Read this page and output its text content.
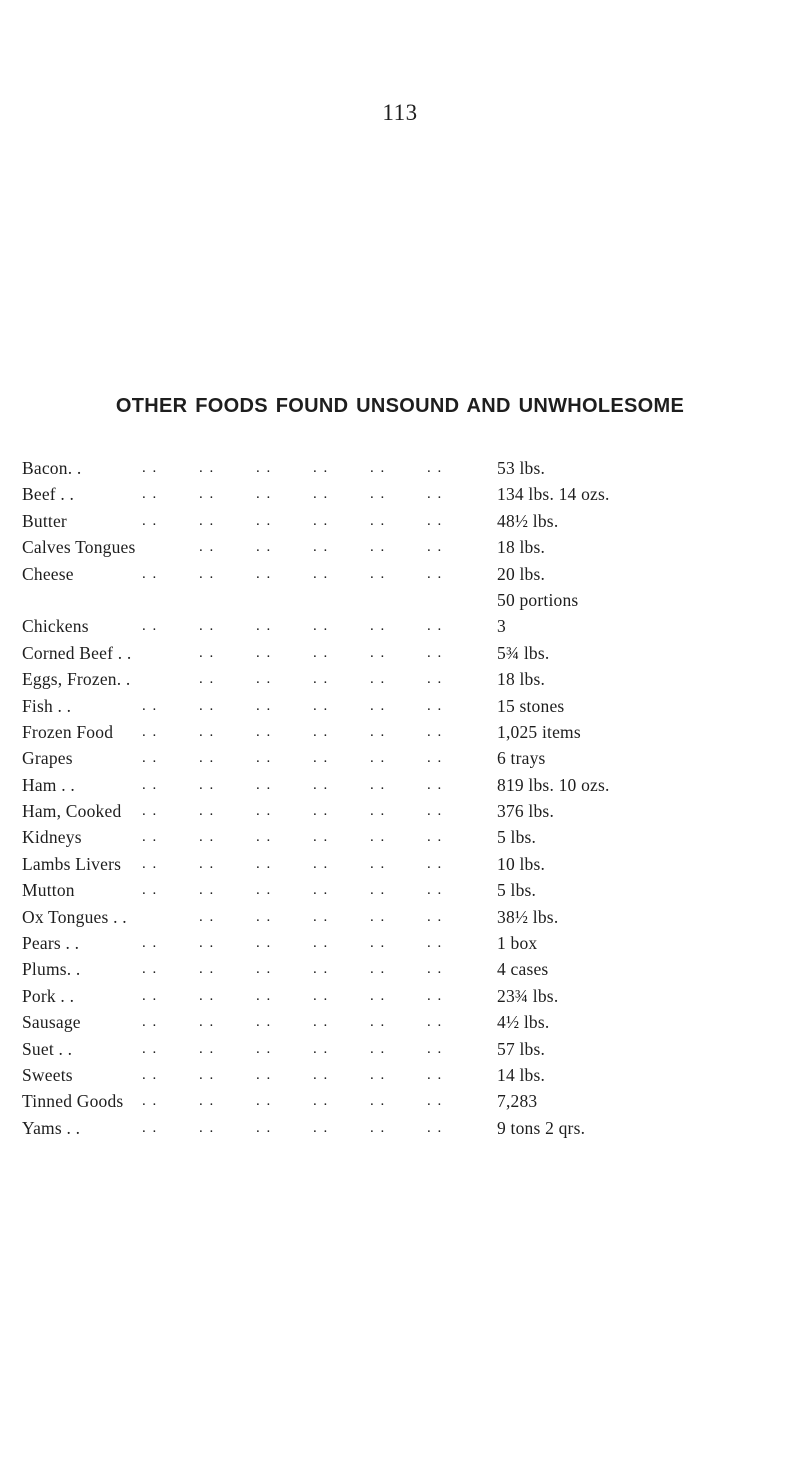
113
OTHER FOODS FOUND UNSOUND AND UNWHOLESOME
Bacon. .	. .	. .	. .	. .	. .	. .	53 lbs.
Beef . .	. .	. .	. .	. .	. .	. .	134 lbs. 14 ozs.
Butter	. .	. .	. .	. .	. .	. .	48½ lbs.
Calves Tongues	. .	. .	. .	. .	. .	18 lbs.
Cheese	. .	. .	. .	. .	. .	. .	20 lbs.
50 portions
Chickens	. .	. .	. .	. .	. .	. .	3
Corned Beef . .	. .	. .	. .	. .	. .	5¾ lbs.
Eggs, Frozen. .	. .	. .	. .	. .	. .	18 lbs.
Fish . .	. .	. .	. .	. .	. .	. .	15 stones
Frozen Food . .	. .	. .	. .	. .	. .	1,025 items
Grapes	. .	. .	. .	. .	. .	. .	6 trays
Ham . .	. .	. .	. .	. .	. .	. .	819 lbs. 10 ozs.
Ham, Cooked . .	. .	. .	. .	. .	. .	376 lbs.
Kidneys	. .	. .	. .	. .	. .	. .	5 lbs.
Lambs Livers . .	. .	. .	. .	. .	. .	10 lbs.
Mutton	. .	. .	. .	. .	. .	. .	5 lbs.
Ox Tongues . .	. .	. .	. .	. .	. .	38½ lbs.
Pears . .	. .	. .	. .	. .	. .	. .	1 box
Plums. .	. .	. .	. .	. .	. .	. .	4 cases
Pork . .	. .	. .	. .	. .	. .	. .	23¾ lbs.
Sausage	. .	. .	. .	. .	. .	. .	4½ lbs.
Suet . .	. .	. .	. .	. .	. .	. .	57 lbs.
Sweets	. .	. .	. .	. .	. .	. .	14 lbs.
Tinned Goods . .	. .	. .	. .	. .	. .	7,283
Yams . .	. .	. .	. .	. .	. .	. .	9 tons 2 qrs.
